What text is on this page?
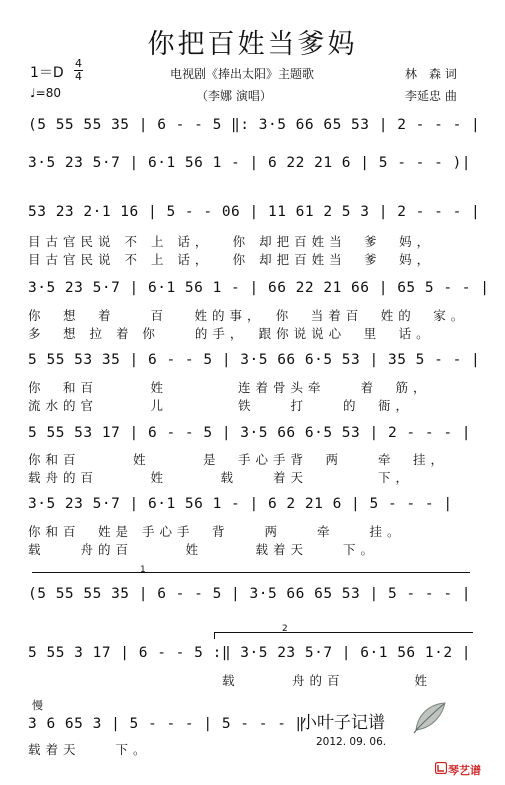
你把百姓当爹妈
1＝D
4
4
♩=80
电视剧《捧出太阳》主题歌
（李娜 演唱）
林　森 词
李延忠 曲
(5 55 55 35 | 6 - - 5 ‖: 3·5 66 65 53 | 2 - - - |
3·5 23 5·7 | 6·1 56 1 - | 6 22 21 6 | 5 - - - )|
53 23 2·1 16 | 5 - - 06 | 11 61 2 5 3 | 2 - - - |
目古官民说 不 上 话，　 你 却把百姓当　爹　妈，
目古官民说 不 上 话，　 你 却把百姓当　爹　妈，
3·5 23 5·7 | 6·1 56 1 - | 66 22 21 66 | 65 5 - - |
你　想　着　　百　 姓的事，　你　当着百　姓的　家。
多　想 拉 着 你　　的手，　跟你说说心　里　话。
5 55 53 35 | 6 - - 5 | 3·5 66 6·5 53 | 35 5 - - |
你　和百　　　姓　　　　连着骨头牵　　着　筋，
流水的官　　　儿　　　　铁　　打　　的　衙，
5 55 53 17 | 6 - - 5 | 3·5 66 6·5 53 | 2 - - - |
你和百　　　姓　　　是　手心手背　两　　牵　挂，
载舟的百　　　姓　　　载　　着天　　　　下，
3·5 23 5·7 | 6·1 56 1 - | 6 2 21 6 | 5 - - - |
你和百　姓是 手心手　背　　两　　牵　　挂。
载　　舟的百　　　姓　　　载着天　　下。
1
(5 55 55 35 | 6 - - 5 | 3·5 66 65 53 | 5 - - - |
2
5 55 3 17 | 6 - - 5 :‖ 3·5 23 5·7 | 6·1 56 1·2 |
载　　　舟的百　　　　姓
慢
3 6 65 3 | 5 - - - | 5 - - - ‖
载着天　　下。
小叶子记谱
2012. 09. 06.
琴艺谱
